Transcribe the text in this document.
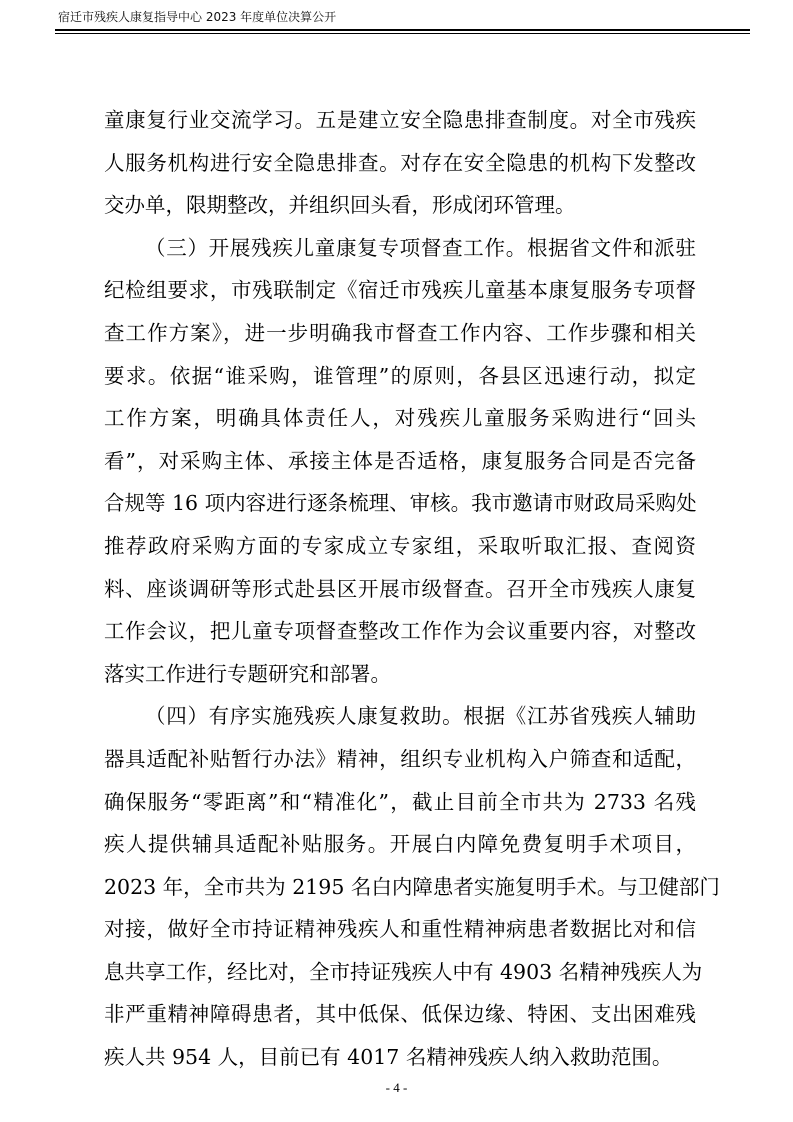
宿迁市残疾人康复指导中心 2023 年度单位决算公开
童康复行业交流学习。五是建立安全隐患排查制度。对全市残疾
人服务机构进行安全隐患排查。对存在安全隐患的机构下发整改
交办单，限期整改，并组织回头看，形成闭环管理。
（三）开展残疾儿童康复专项督查工作。根据省文件和派驻
纪检组要求，市残联制定《宿迁市残疾儿童基本康复服务专项督
查工作方案》，进一步明确我市督查工作内容、工作步骤和相关
要求。依据“谁采购，谁管理”的原则，各县区迅速行动，拟定
工作方案，明确具体责任人，对残疾儿童服务采购进行“回头
看”，对采购主体、承接主体是否适格，康复服务合同是否完备
合规等 16 项内容进行逐条梳理、审核。我市邀请市财政局采购处
推荐政府采购方面的专家成立专家组，采取听取汇报、查阅资
料、座谈调研等形式赴县区开展市级督查。召开全市残疾人康复
工作会议，把儿童专项督查整改工作作为会议重要内容，对整改
落实工作进行专题研究和部署。
（四）有序实施残疾人康复救助。根据《江苏省残疾人辅助
器具适配补贴暂行办法》精神，组织专业机构入户筛查和适配，
确保服务“零距离”和“精准化”，截止目前全市共为 2733 名残
疾人提供辅具适配补贴服务。开展白内障免费复明手术项目，
2023 年，全市共为 2195 名白内障患者实施复明手术。与卫健部门
对接，做好全市持证精神残疾人和重性精神病患者数据比对和信
息共享工作，经比对，全市持证残疾人中有 4903 名精神残疾人为
非严重精神障碍患者，其中低保、低保边缘、特困、支出困难残
疾人共 954 人，目前已有 4017 名精神残疾人纳入救助范围。
- 4 -
